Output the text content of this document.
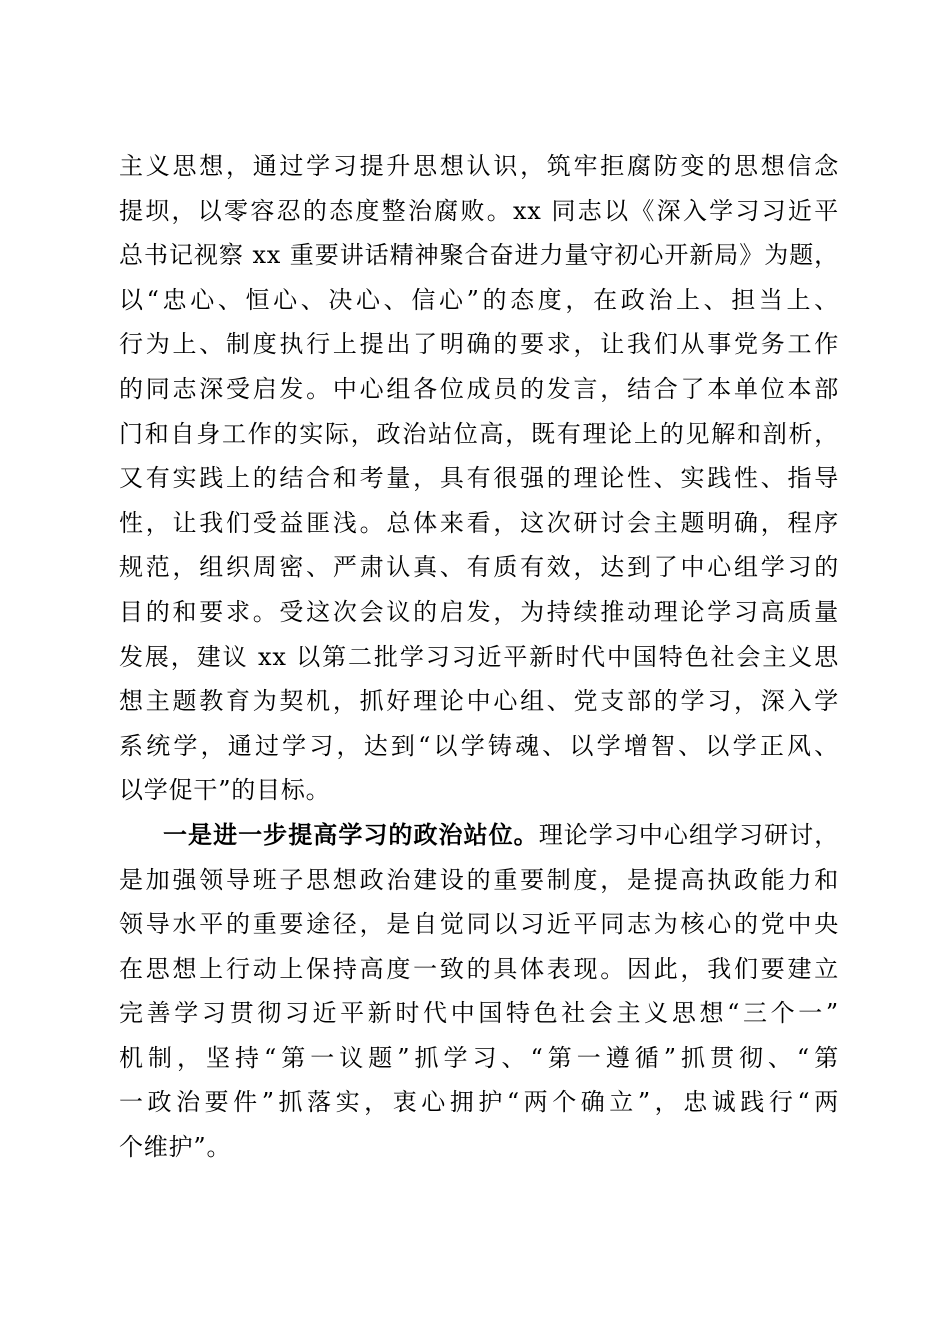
主义思想，通过学习提升思想认识，筑牢拒腐防变的思想信念
提坝，以零容忍的态度整治腐败。xx 同志以《深入学习习近平
总书记视察 xx 重要讲话精神聚合奋进力量守初心开新局》为题，
以“忠心、恒心、决心、信心”的态度，在政治上、担当上、
行为上、制度执行上提出了明确的要求，让我们从事党务工作
的同志深受启发。中心组各位成员的发言，结合了本单位本部
门和自身工作的实际，政治站位高，既有理论上的见解和剖析，
又有实践上的结合和考量，具有很强的理论性、实践性、指导
性，让我们受益匪浅。总体来看，这次研讨会主题明确，程序
规范，组织周密、严肃认真、有质有效，达到了中心组学习的
目的和要求。受这次会议的启发，为持续推动理论学习高质量
发展，建议 xx 以第二批学习习近平新时代中国特色社会主义思
想主题教育为契机，抓好理论中心组、党支部的学习，深入学
系统学，通过学习，达到“以学铸魂、以学增智、以学正风、
以学促干”的目标。
一是进一步提高学习的政治站位。理论学习中心组学习研讨，
是加强领导班子思想政治建设的重要制度，是提高执政能力和
领导水平的重要途径，是自觉同以习近平同志为核心的党中央
在思想上行动上保持高度一致的具体表现。因此，我们要建立
完善学习贯彻习近平新时代中国特色社会主义思想“三个一”
机制，坚持“第一议题”抓学习、“第一遵循”抓贯彻、“第
一政治要件”抓落实，衷心拥护“两个确立”，忠诚践行“两
个维护”。
